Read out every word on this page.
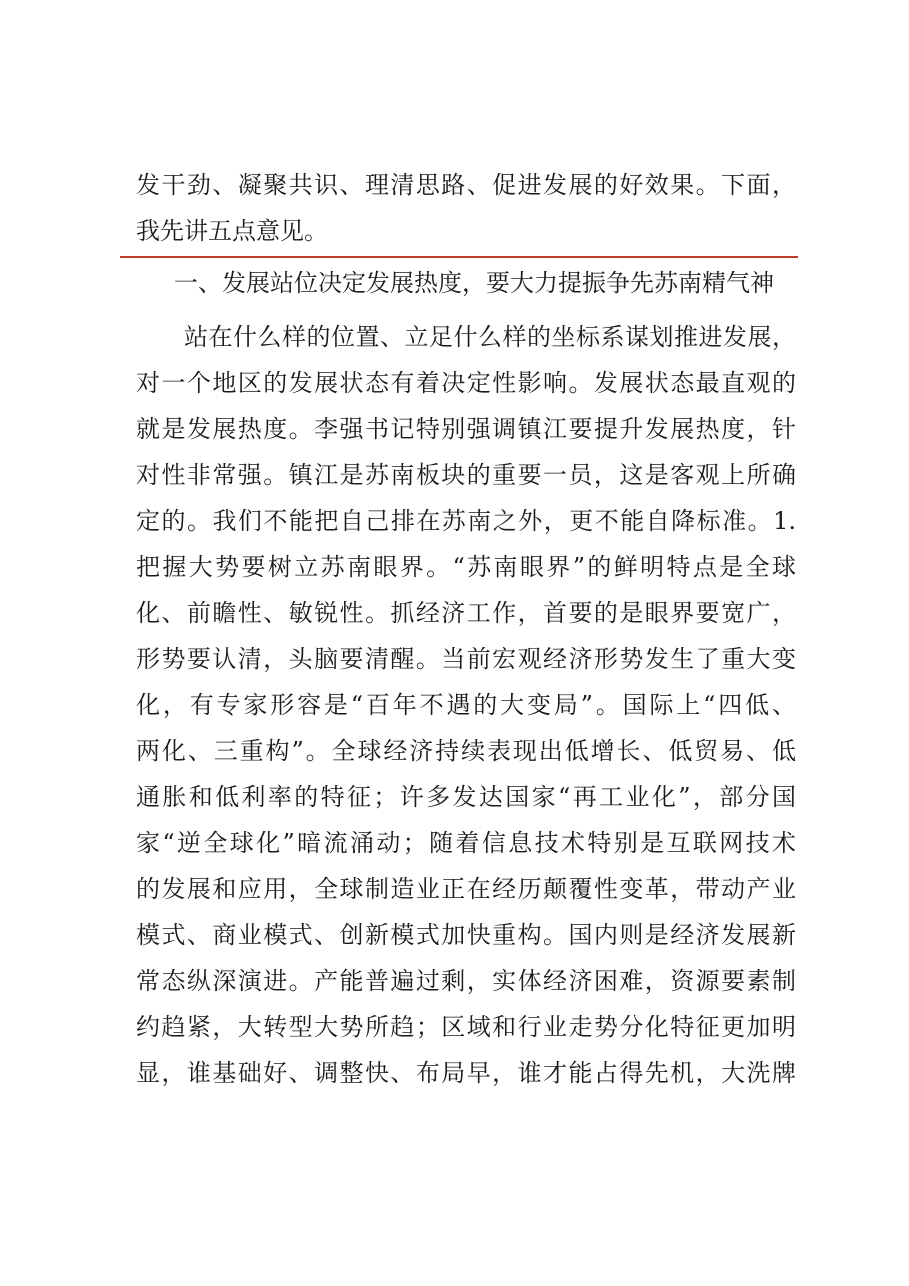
发干劲、凝聚共识、理清思路、促进发展的好效果。下面，
我先讲五点意见。
一、发展站位决定发展热度，要大力提振争先苏南精气神
站在什么样的位置、立足什么样的坐标系谋划推进发展，
对一个地区的发展状态有着决定性影响。发展状态最直观的
就是发展热度。李强书记特别强调镇江要提升发展热度，针
对性非常强。镇江是苏南板块的重要一员，这是客观上所确
定的。我们不能把自己排在苏南之外，更不能自降标准。1.
把握大势要树立苏南眼界。“苏南眼界”的鲜明特点是全球
化、前瞻性、敏锐性。抓经济工作，首要的是眼界要宽广，
形势要认清，头脑要清醒。当前宏观经济形势发生了重大变
化，有专家形容是“百年不遇的大变局”。国际上“四低、
两化、三重构”。全球经济持续表现出低增长、低贸易、低
通胀和低利率的特征；许多发达国家“再工业化”，部分国
家“逆全球化”暗流涌动；随着信息技术特别是互联网技术
的发展和应用，全球制造业正在经历颠覆性变革，带动产业
模式、商业模式、创新模式加快重构。国内则是经济发展新
常态纵深演进。产能普遍过剩，实体经济困难，资源要素制
约趋紧，大转型大势所趋；区域和行业走势分化特征更加明
显，谁基础好、调整快、布局早，谁才能占得先机，大洗牌
